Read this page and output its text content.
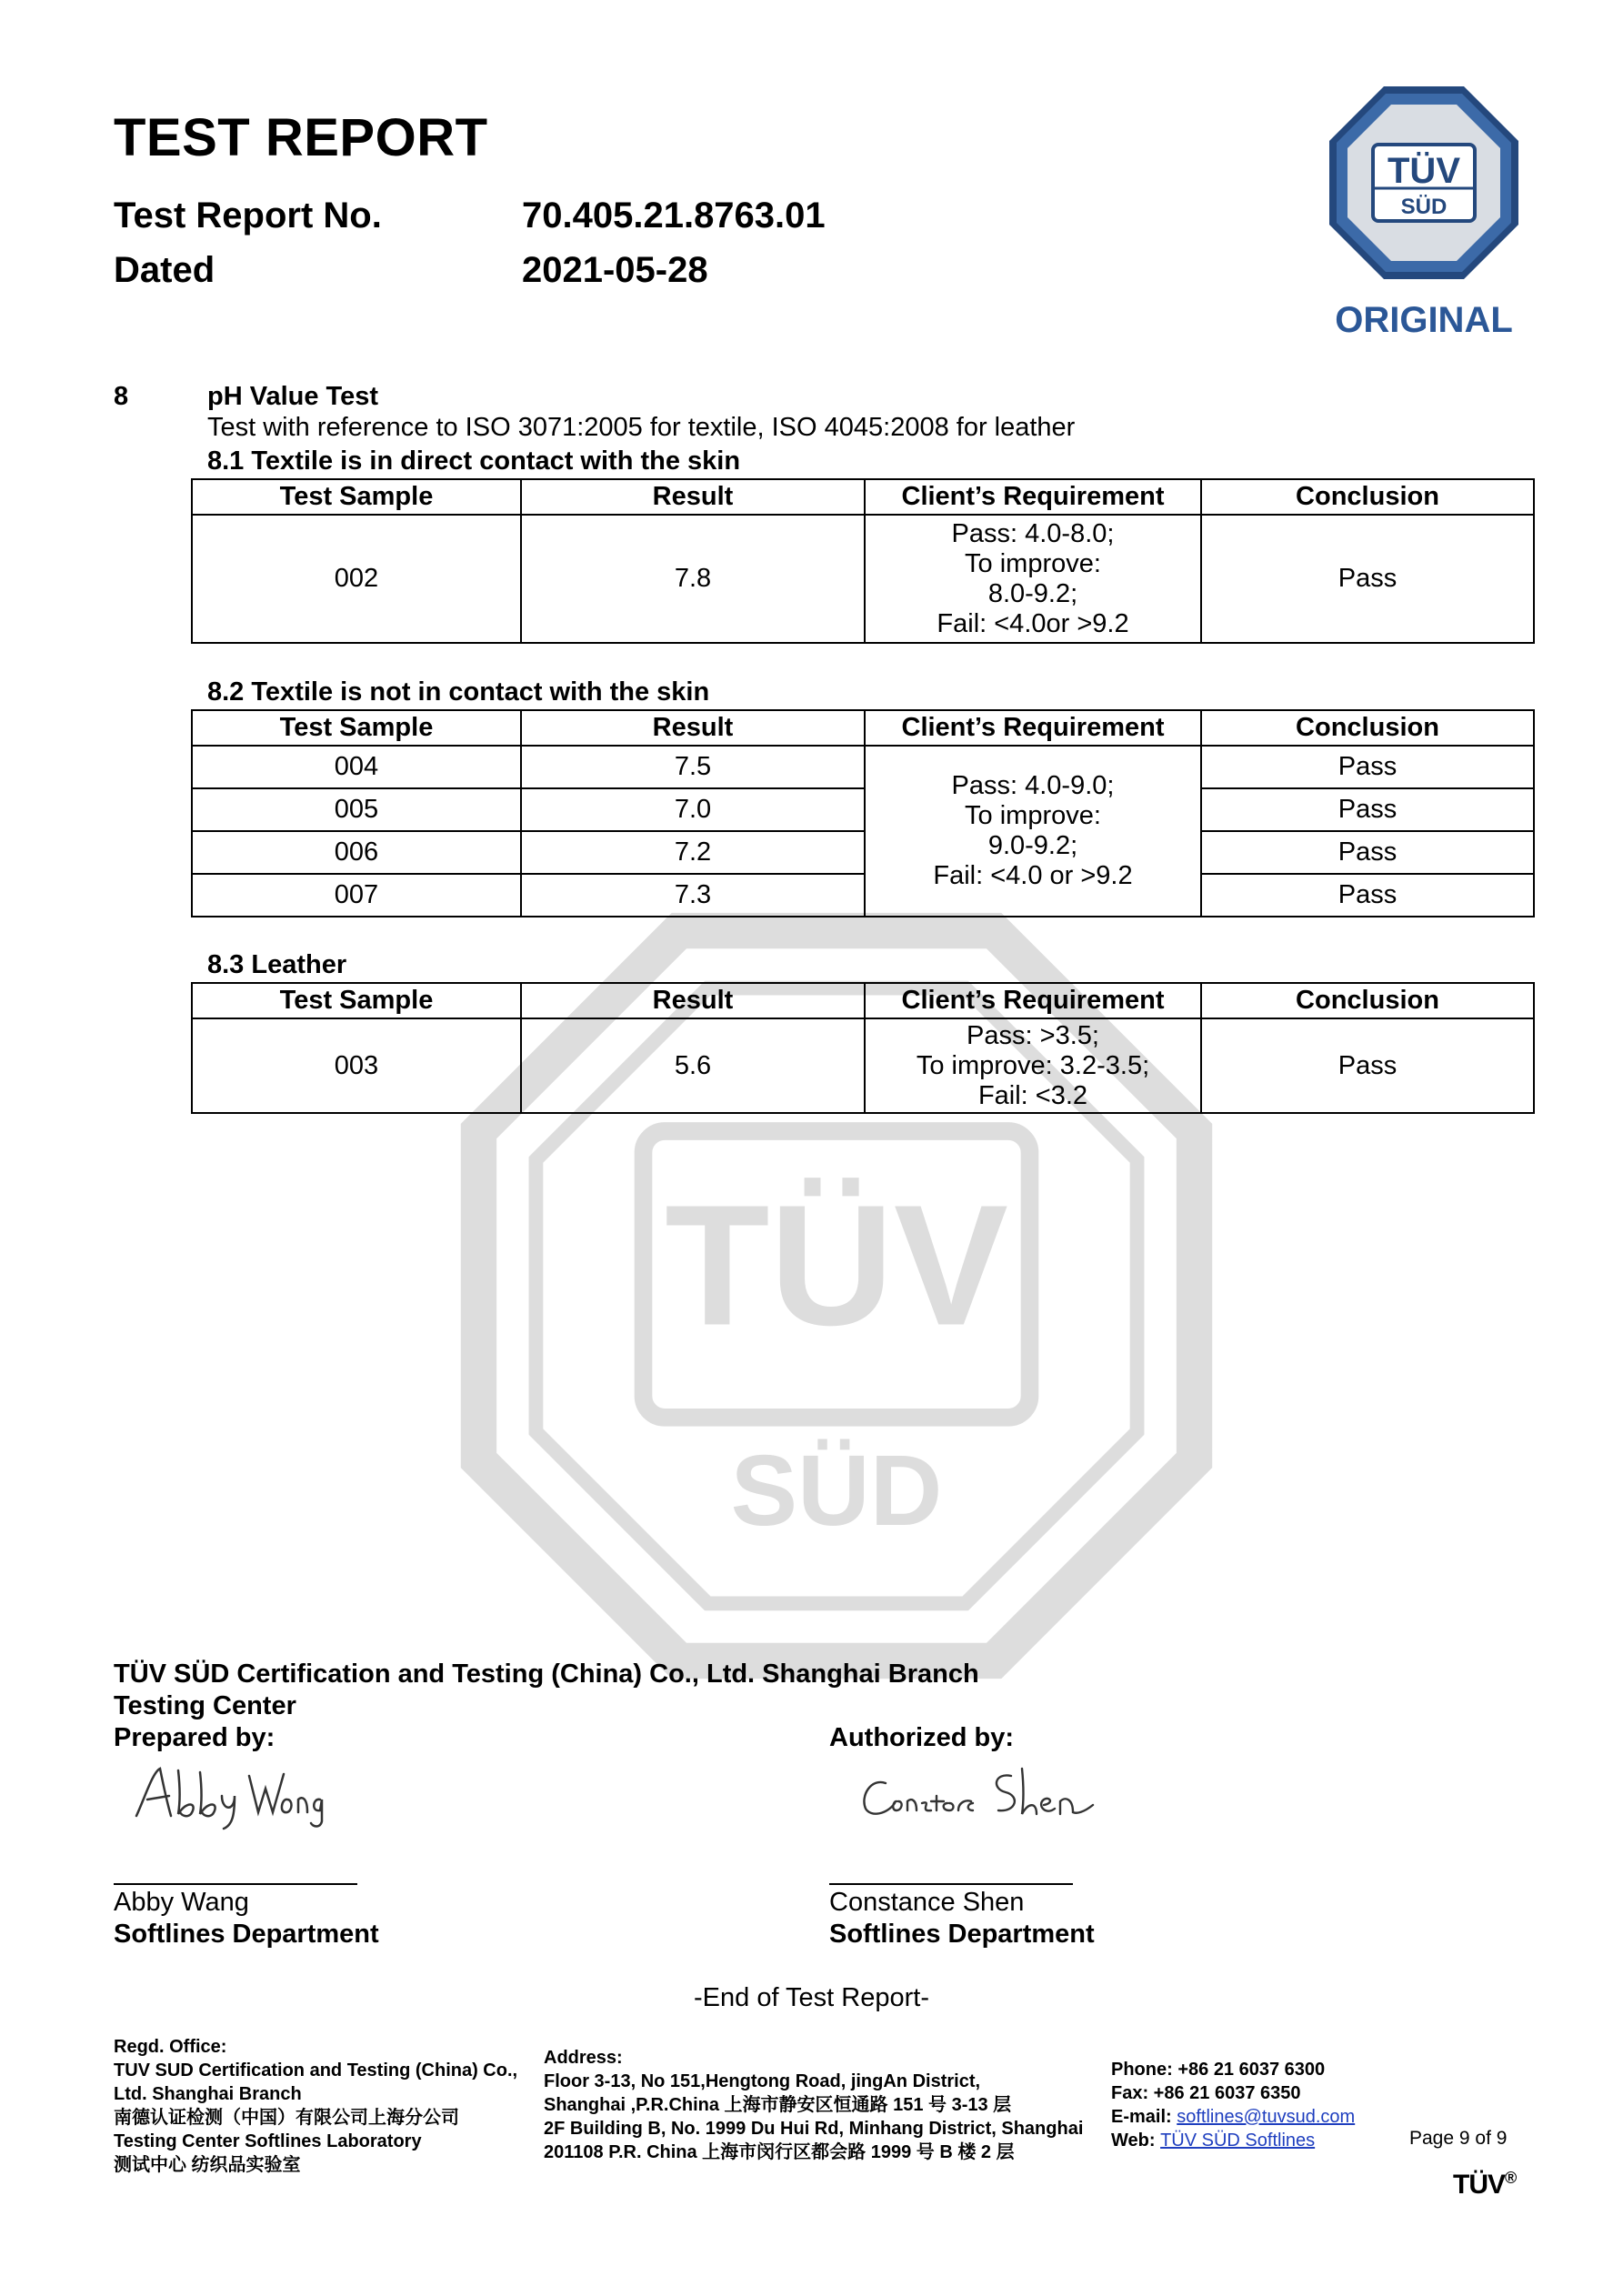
TÜV
SÜD
TEST REPORT
Test Report No.	70.405.21.8763.01
Dated	2021-05-28
TÜV
SÜD
ORIGINAL
8	pH Value Test
Test with reference to ISO 3071:2005 for textile, ISO 4045:2008 for leather
8.1 Textile is in direct contact with the skin
Test Sample	Result	Client’s Requirement	Conclusion
002	7.8	Pass: 4.0-8.0;
To improve:
8.0-9.2;
Fail: <4.0or >9.2	Pass
8.2 Textile is not in contact with the skin
Test Sample	Result	Client’s Requirement	Conclusion
004	7.5	Pass: 4.0-9.0;
To improve:
9.0-9.2;
Fail: <4.0 or >9.2	Pass
005	7.0		Pass
006	7.2		Pass
007	7.3		Pass
8.3 Leather
Test Sample	Result	Client’s Requirement	Conclusion
003	5.6	Pass: >3.5;
To improve: 3.2-3.5;
Fail: <3.2	Pass
TÜV SÜD Certification and Testing (China) Co., Ltd. Shanghai Branch
Testing Center
Prepared by:	Authorized by:
Abby Wang	Constance Shen
Abby Wang
Softlines Department
Constance Shen
Softlines Department
-End of Test Report-
Regd. Office:
TUV SUD Certification and Testing (China) Co.,
Ltd. Shanghai Branch
南德认证检测（中国）有限公司上海分公司
Testing Center Softlines Laboratory
测试中心 纺织品实验室
Address:
Floor 3-13, No 151,Hengtong Road, jingAn District,
Shanghai ,P.R.China 上海市静安区恒通路 151 号 3-13 层
2F Building B, No. 1999 Du Hui Rd, Minhang District, Shanghai
201108 P.R. China 上海市闵行区都会路 1999 号 B 楼 2 层
Phone: +86 21 6037 6300
Fax: +86 21 6037 6350
E-mail: softlines@tuvsud.com
Web: TÜV SÜD Softlines	Page 9 of 9
TÜV®
